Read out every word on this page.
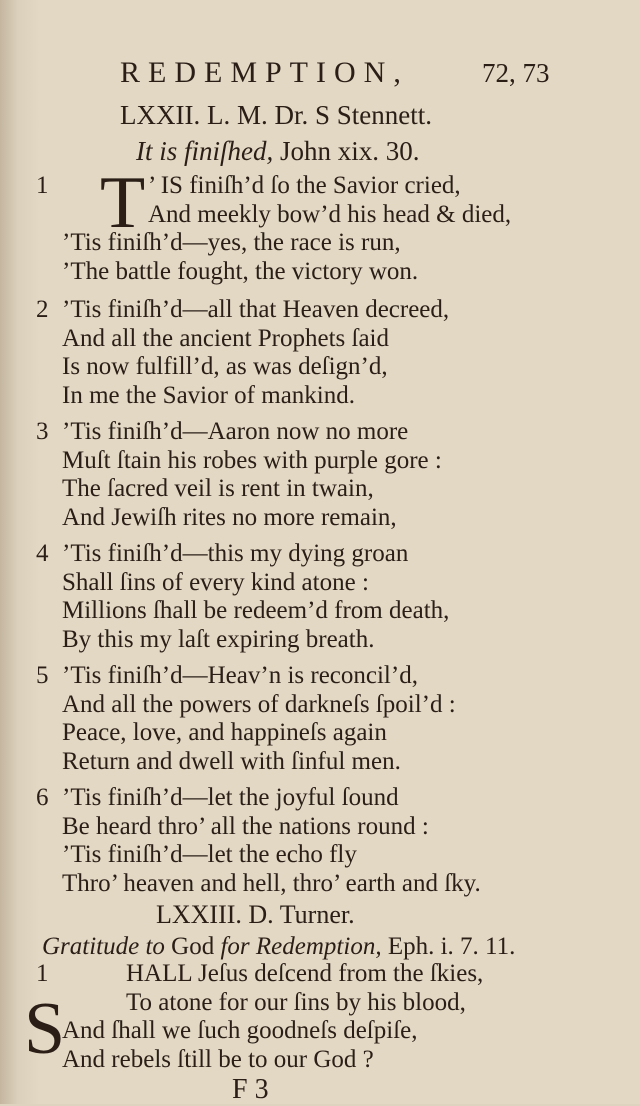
REDEMPTION,	72, 73
LXXII. L. M. Dr. S Stennett.
It is finiſhed, John xix. 30.
T
1	’ IS finiſh’d ſo the Savior cried,
And meekly bow’d his head & died,
’Tis finiſh’d—yes, the race is run,
’The battle fought, the victory won.
2 ’Tis finiſh’d—all that Heaven decreed,
And all the ancient Prophets ſaid
Is now fulfill’d, as was deſign’d,
In me the Savior of mankind.
3 ’Tis finiſh’d—Aaron now no more
Muſt ſtain his robes with purple gore :
The ſacred veil is rent in twain,
And Jewiſh rites no more remain,
4 ’Tis finiſh’d—this my dying groan
Shall ſins of every kind atone :
Millions ſhall be redeem’d from death,
By this my laſt expiring breath.
5 ’Tis finiſh’d—Heav’n is reconcil’d,
And all the powers of darkneſs ſpoil’d :
Peace, love, and happineſs again
Return and dwell with ſinful men.
6 ’Tis finiſh’d—let the joyful ſound
Be heard thro’ all the nations round :
’Tis finiſh’d—let the echo fly
Thro’ heaven and hell, thro’ earth and ſky.
LXXIII. D. Turner.
Gratitude to God for Redemption, Eph. i. 7. 11.
S
1	HALL Jeſus deſcend from the ſkies,
To atone for our ſins by his blood,
And ſhall we ſuch goodneſs deſpiſe,
And rebels ſtill be to our God ?
F 3
